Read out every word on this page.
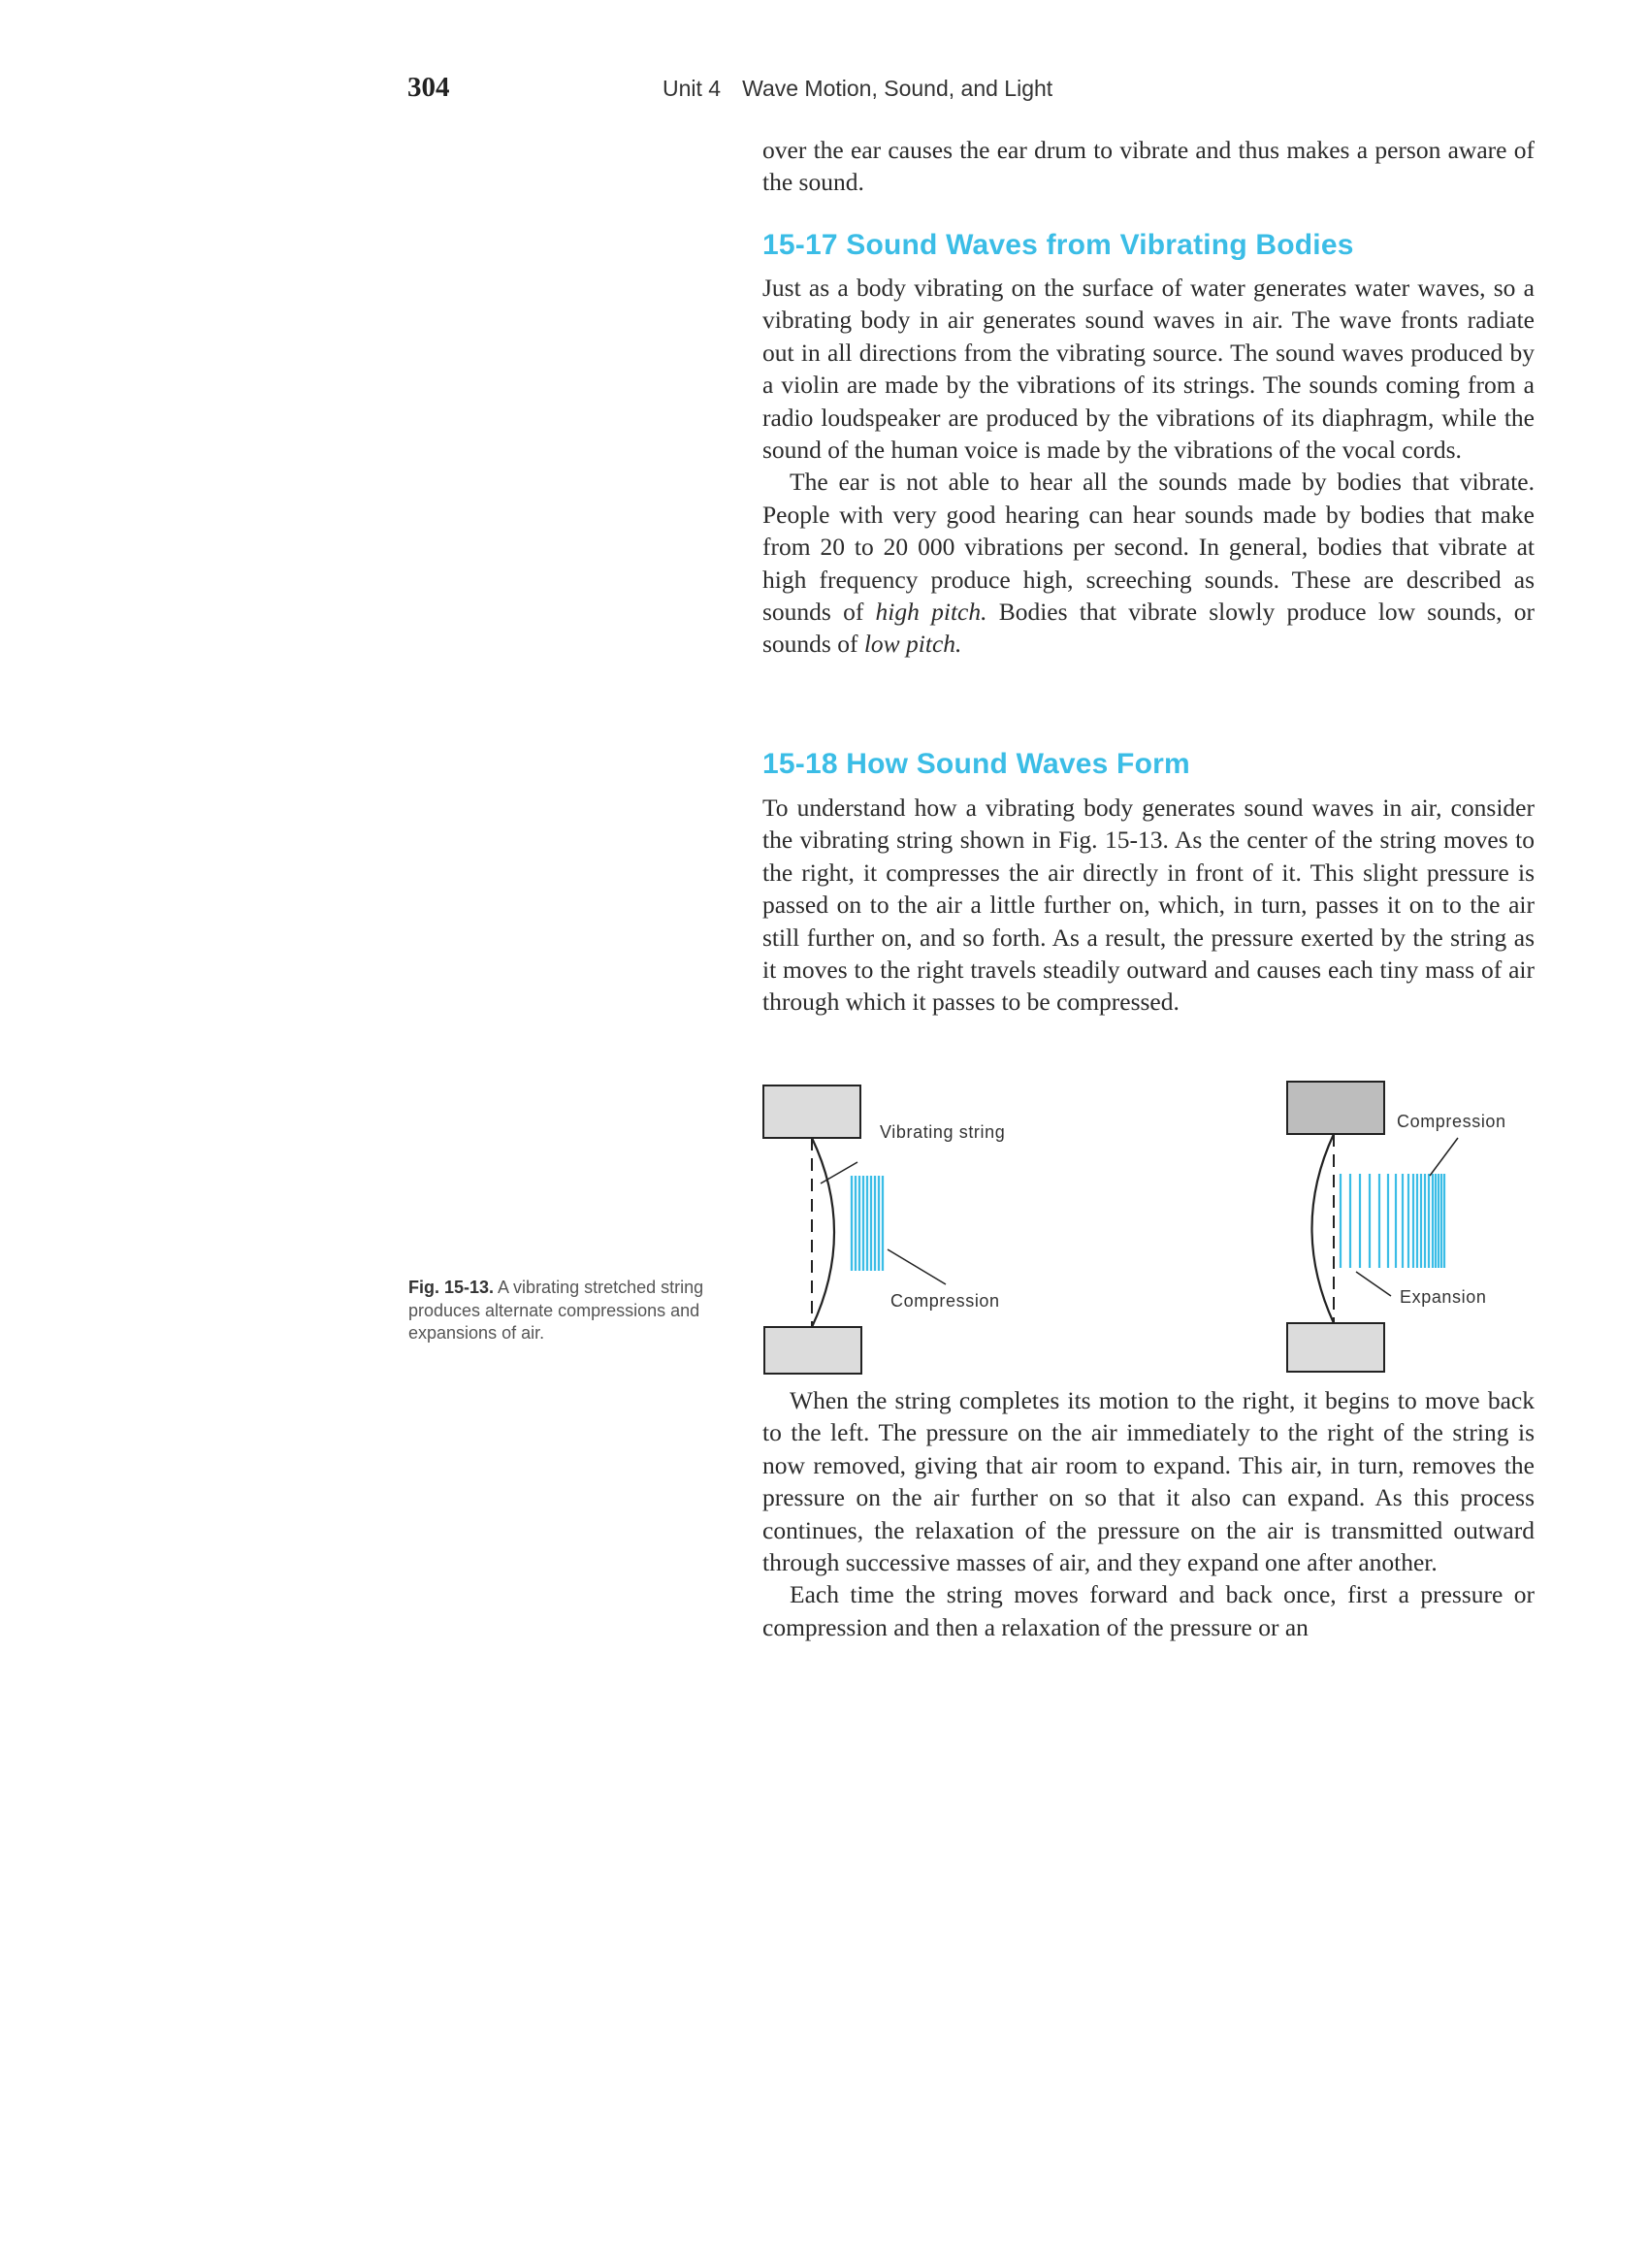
304	Unit 4 Wave Motion, Sound, and Light

over the ear causes the ear drum to vibrate and thus makes a person aware of the sound.

15-17 Sound Waves from Vibrating Bodies

Just as a body vibrating on the surface of water generates water waves, so a vibrating body in air generates sound waves in air. The wave fronts radiate out in all directions from the vibrating source. The sound waves produced by a violin are made by the vibrations of its strings. The sounds coming from a radio loudspeaker are produced by the vibrations of its diaphragm, while the sound of the human voice is made by the vibrations of the vocal cords.

The ear is not able to hear all the sounds made by bodies that vibrate. People with very good hearing can hear sounds made by bodies that make from 20 to 20 000 vibrations per second. In general, bodies that vibrate at high frequency produce high, screeching sounds. These are described as sounds of high pitch. Bodies that vibrate slowly produce low sounds, or sounds of low pitch.

15-18 How Sound Waves Form

To understand how a vibrating body generates sound waves in air, consider the vibrating string shown in Fig. 15-13. As the center of the string moves to the right, it compresses the air directly in front of it. This slight pressure is passed on to the air a little further on, which, in turn, passes it on to the air still further on, and so forth. As a result, the pressure exerted by the string as it moves to the right travels steadily outward and causes each tiny mass of air through which it passes to be compressed.

Fig. 15-13. A vibrating stretched string produces alternate compressions and expansions of air.
Vibrating string
Compression
Compression
Expansion

When the string completes its motion to the right, it begins to move back to the left. The pressure on the air immediately to the right of the string is now removed, giving that air room to expand. This air, in turn, removes the pressure on the air further on so that it also can expand. As this process continues, the relaxation of the pressure on the air is transmitted outward through successive masses of air, and they expand one after another.

Each time the string moves forward and back once, first a pressure or compression and then a relaxation of the pressure or an
